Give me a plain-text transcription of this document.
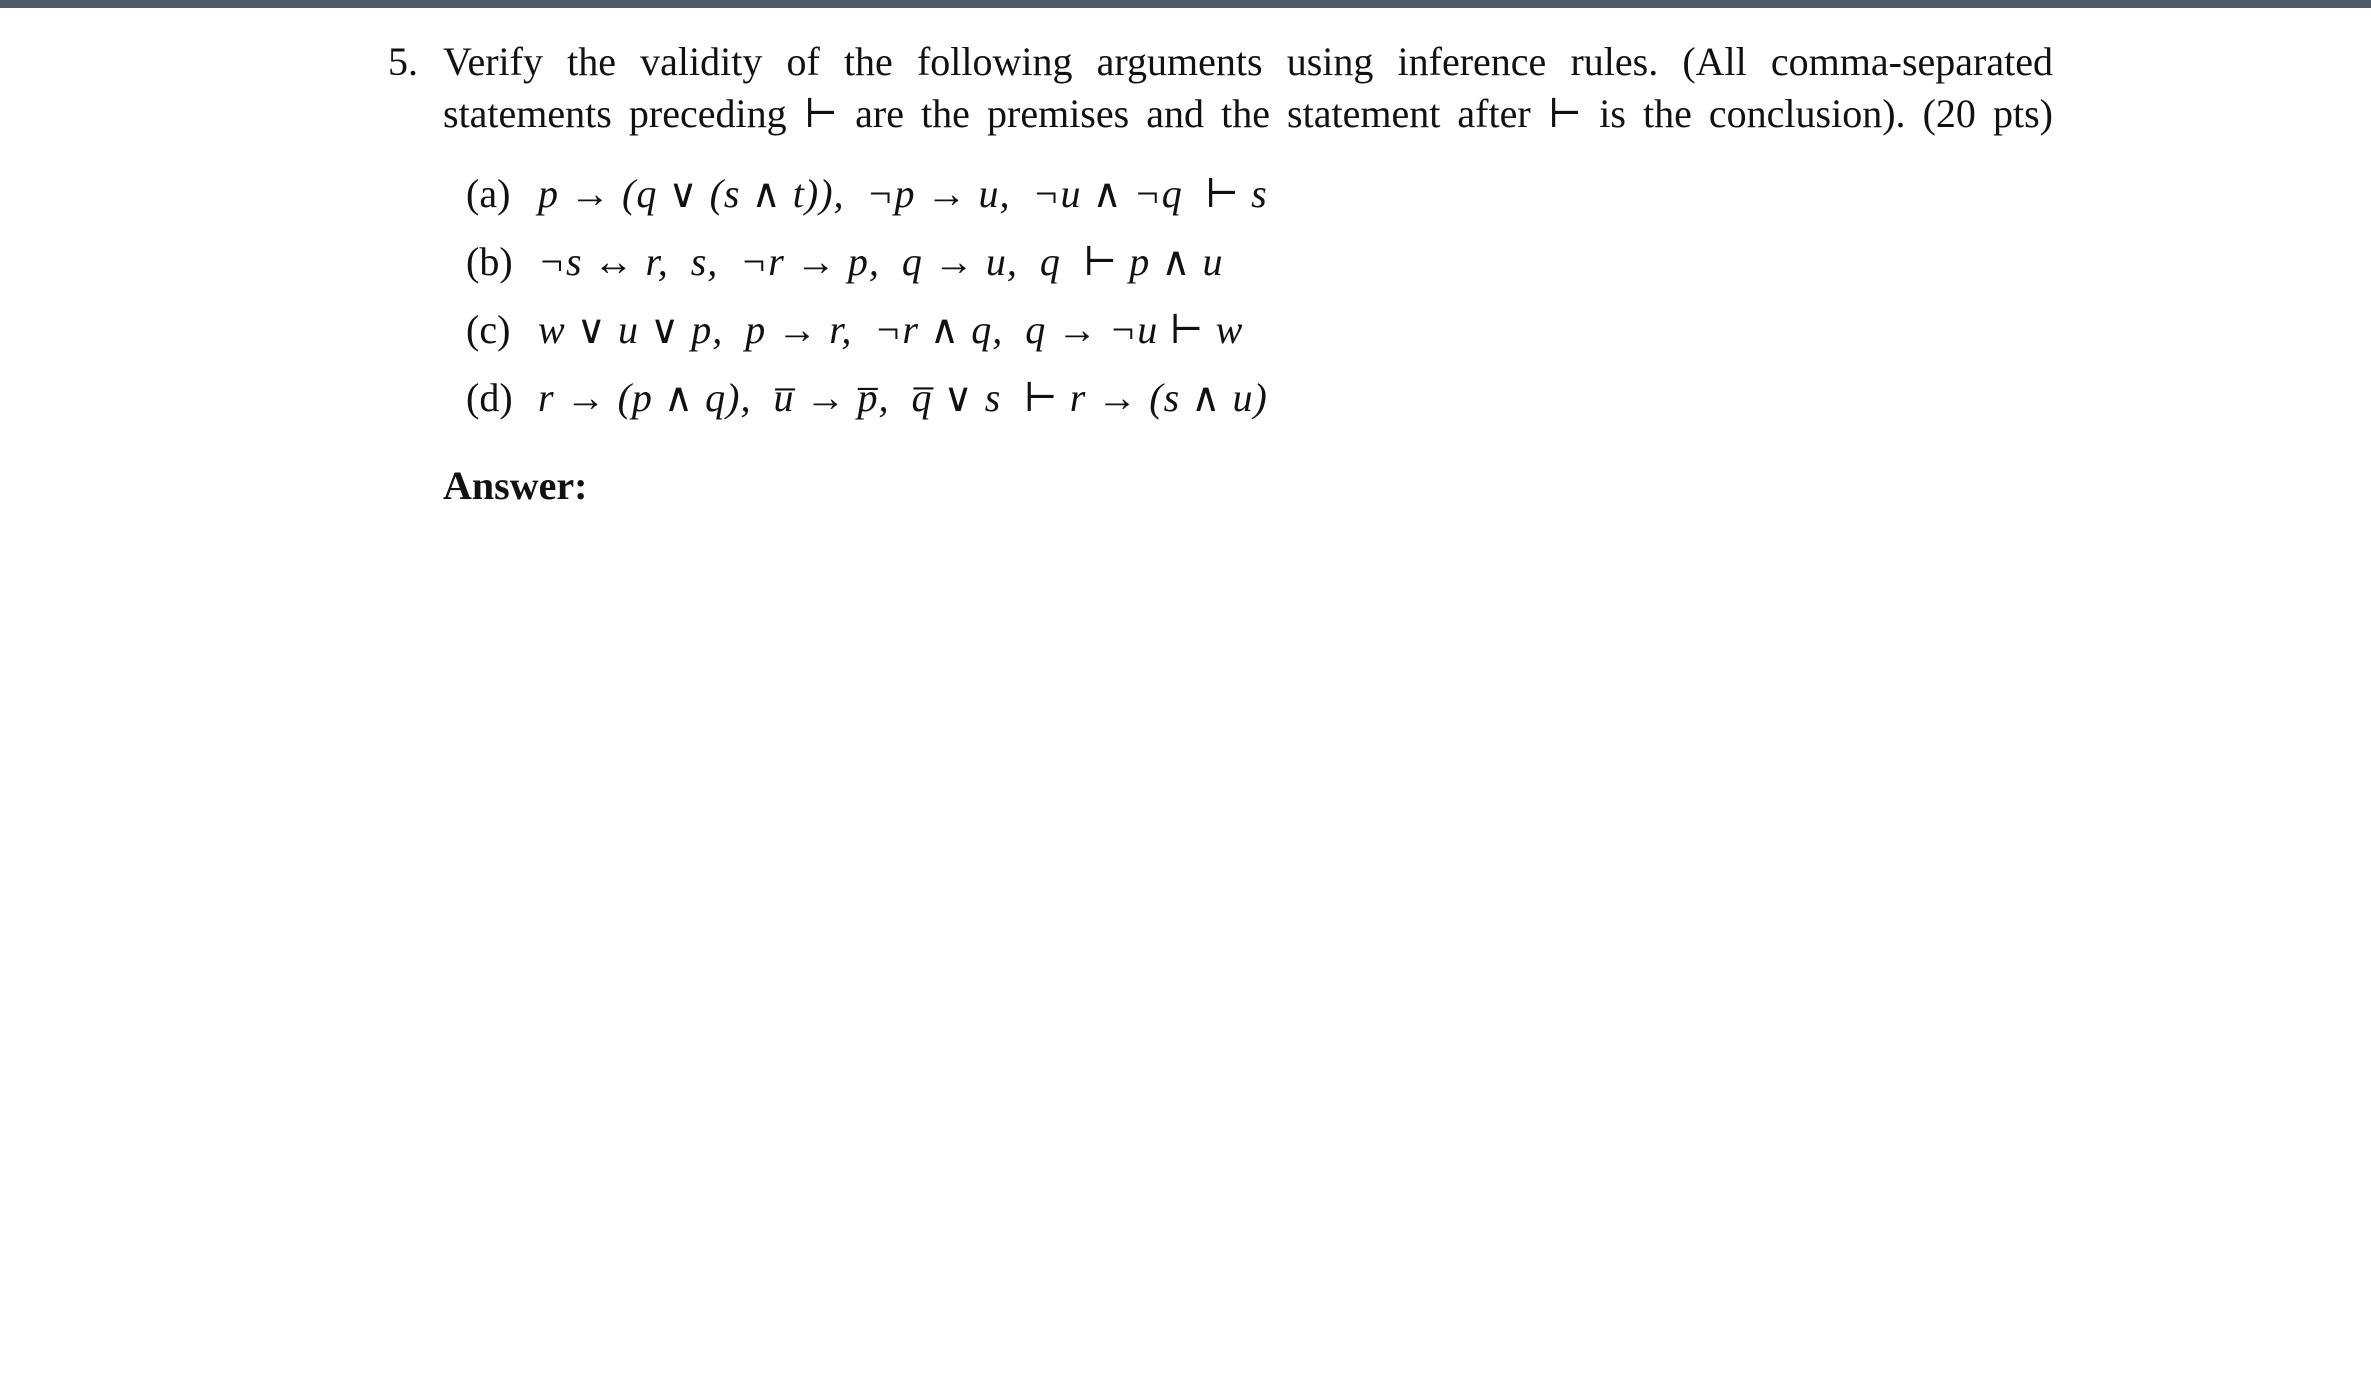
5. Verify the validity of the following arguments using inference rules. (All comma-separated
statements preceding ⊢ are the premises and the statement after ⊢ is the conclusion). (20 pts)
(a) p → (q ∨ (s ∧ t)),  ¬p → u,  ¬u ∧ ¬q  ⊢ s
(b) ¬s ↔ r,  s,  ¬r → p,  q → u,  q  ⊢ p ∧ u
(c) w ∨ u ∨ p,  p → r,  ¬r ∧ q,  q → ¬u ⊢ w
(d) r → (p ∧ q),  u̅ → p̅,  q̅ ∨ s  ⊢ r → (s ∧ u)
Answer:
